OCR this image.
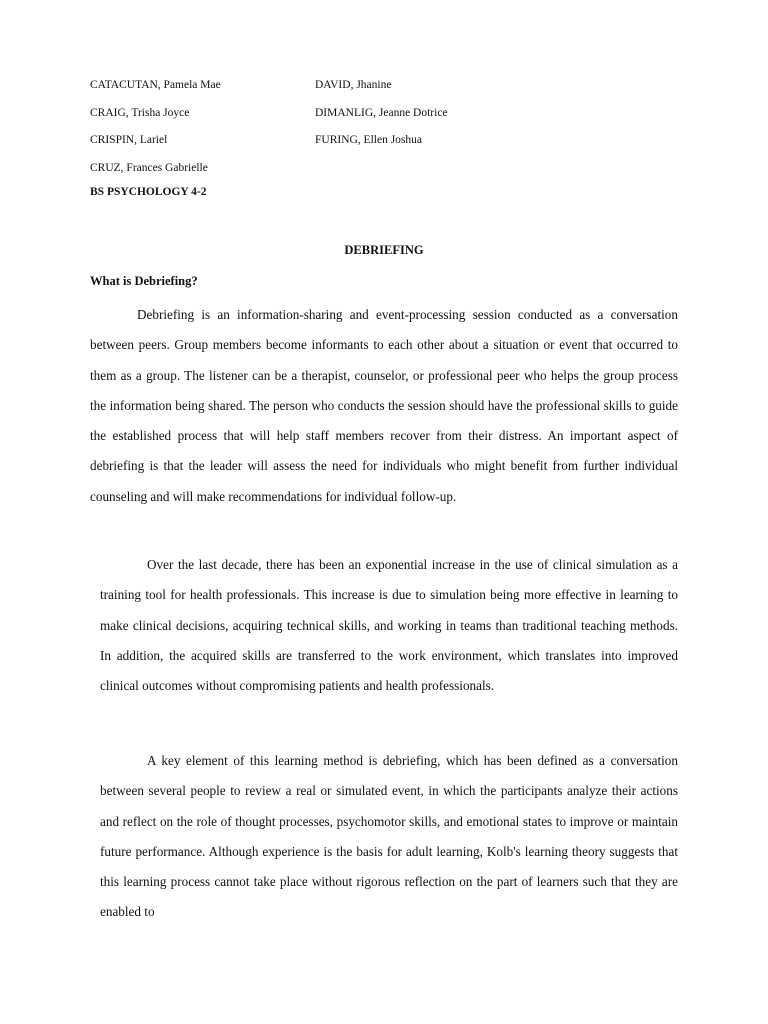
CATACUTAN, Pamela Mae
CRAIG, Trisha Joyce
CRISPIN, Lariel
CRUZ, Frances Gabrielle
DAVID, Jhanine
DIMANLIG, Jeanne Dotrice
FURING, Ellen Joshua
BS PSYCHOLOGY 4-2
DEBRIEFING
What is Debriefing?

Debriefing is an information-sharing and event-processing session conducted as a conversation between peers. Group members become informants to each other about a situation or event that occurred to them as a group. The listener can be a therapist, counselor, or professional peer who helps the group process the information being shared. The person who conducts the session should have the professional skills to guide the established process that will help staff members recover from their distress. An important aspect of debriefing is that the leader will assess the need for individuals who might benefit from further individual counseling and will make recommendations for individual follow-up.

Over the last decade, there has been an exponential increase in the use of clinical simulation as a training tool for health professionals. This increase is due to simulation being more effective in learning to make clinical decisions, acquiring technical skills, and working in teams than traditional teaching methods. In addition, the acquired skills are transferred to the work environment, which translates into improved clinical outcomes without compromising patients and health professionals.

A key element of this learning method is debriefing, which has been defined as a conversation between several people to review a real or simulated event, in which the participants analyze their actions and reflect on the role of thought processes, psychomotor skills, and emotional states to improve or maintain future performance. Although experience is the basis for adult learning, Kolb's learning theory suggests that this learning process cannot take place without rigorous reflection on the part of learners such that they are enabled to
